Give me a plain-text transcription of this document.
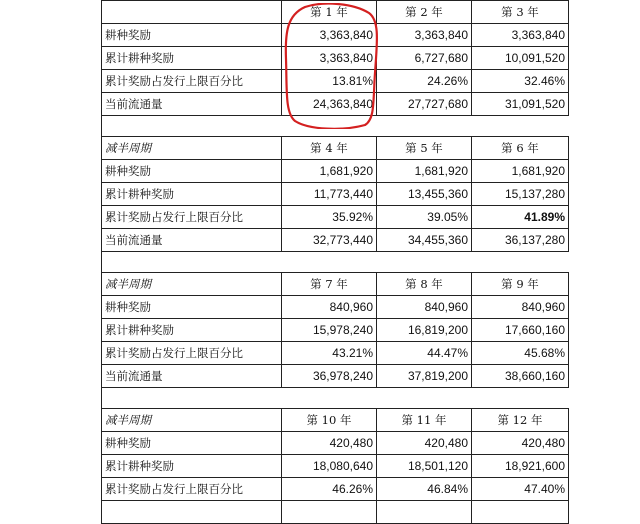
	第 1 年	第 2 年	第 3 年
耕种奖励	3,363,840	3,363,840	3,363,840
累计耕种奖励	3,363,840	6,727,680	10,091,520
累计奖励占发行上限百分比	13.81%	24.26%	32.46%
当前流通量	24,363,840	27,727,680	31,091,520

减半周期	第 4 年	第 5 年	第 6 年
耕种奖励	1,681,920	1,681,920	1,681,920
累计耕种奖励	11,773,440	13,455,360	15,137,280
累计奖励占发行上限百分比	35.92%	39.05%	41.89%
当前流通量	32,773,440	34,455,360	36,137,280

减半周期	第 7 年	第 8 年	第 9 年
耕种奖励	840,960	840,960	840,960
累计耕种奖励	15,978,240	16,819,200	17,660,160
累计奖励占发行上限百分比	43.21%	44.47%	45.68%
当前流通量	36,978,240	37,819,200	38,660,160

减半周期	第 10 年	第 11 年	第 12 年
耕种奖励	420,480	420,480	420,480
累计耕种奖励	18,080,640	18,501,120	18,921,600
累计奖励占发行上限百分比	46.26%	46.84%	47.40%
